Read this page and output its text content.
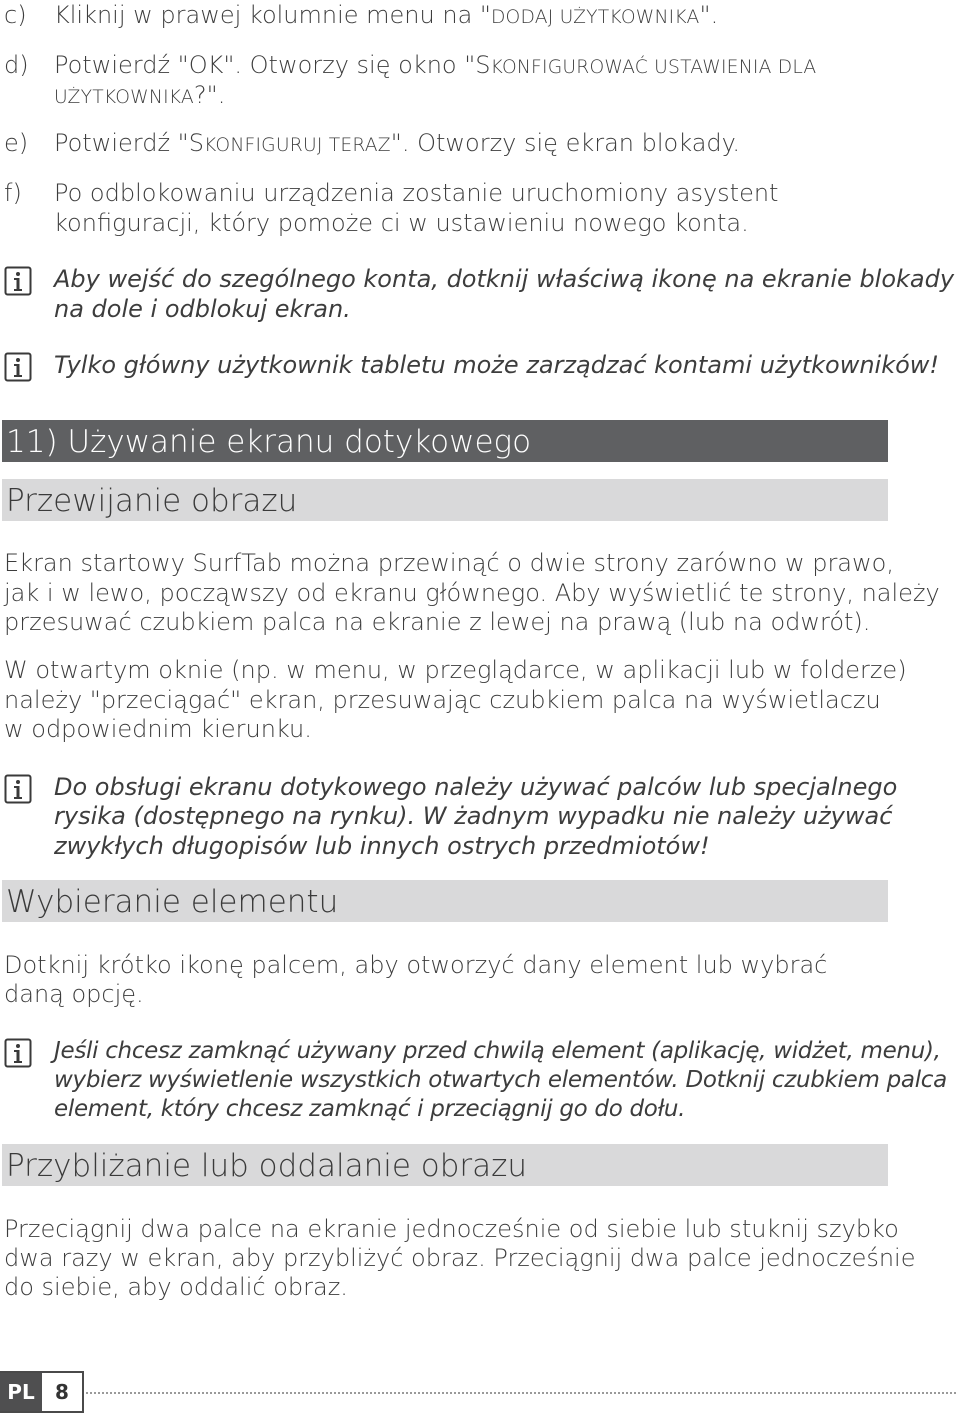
c) Kliknij w prawej kolumnie menu na "DODAJ UŻYTKOWNIKA".
d) Potwierdź "OK". Otworzy się okno "SKONFIGUROWAĆ USTAWIENIA DLA
UŻYTKOWNIKA?".
e) Potwierdź "SKONFIGURUJ TERAZ". Otworzy się ekran blokady.
f) Po odblokowaniu urządzenia zostanie uruchomiony asystent
konfiguracji, który pomoże ci w ustawieniu nowego konta.
Aby wejść do szególnego konta, dotknij właściwą ikonę na ekranie blokady
na dole i odblokuj ekran.
Tylko główny użytkownik tabletu może zarządzać kontami użytkowników!
11) Używanie ekranu dotykowego
Przewijanie obrazu
Ekran startowy SurfTab można przewinąć o dwie strony zarówno w prawo,
jak i w lewo, począwszy od ekranu głównego. Aby wyświetlić te strony, należy
przesuwać czubkiem palca na ekranie z lewej na prawą (lub na odwrót).
W otwartym oknie (np. w menu, w przeglądarce, w aplikacji lub w folderze)
należy "przeciągać" ekran, przesuwając czubkiem palca na wyświetlaczu
w odpowiednim kierunku.
Do obsługi ekranu dotykowego należy używać palców lub specjalnego
rysika (dostępnego na rynku). W żadnym wypadku nie należy używać
zwykłych długopisów lub innych ostrych przedmiotów!
Wybieranie elementu
Dotknij krótko ikonę palcem, aby otworzyć dany element lub wybrać
daną opcję.
Jeśli chcesz zamknąć używany przed chwilą element (aplikację, widżet, menu),
wybierz wyświetlenie wszystkich otwartych elementów. Dotknij czubkiem palca
element, który chcesz zamknąć i przeciągnij go do dołu.
Przybliżanie lub oddalanie obrazu
Przeciągnij dwa palce na ekranie jednocześnie od siebie lub stuknij szybko
dwa razy w ekran, aby przybliżyć obraz. Przeciągnij dwa palce jednocześnie
do siebie, aby oddalić obraz.
PL	8
